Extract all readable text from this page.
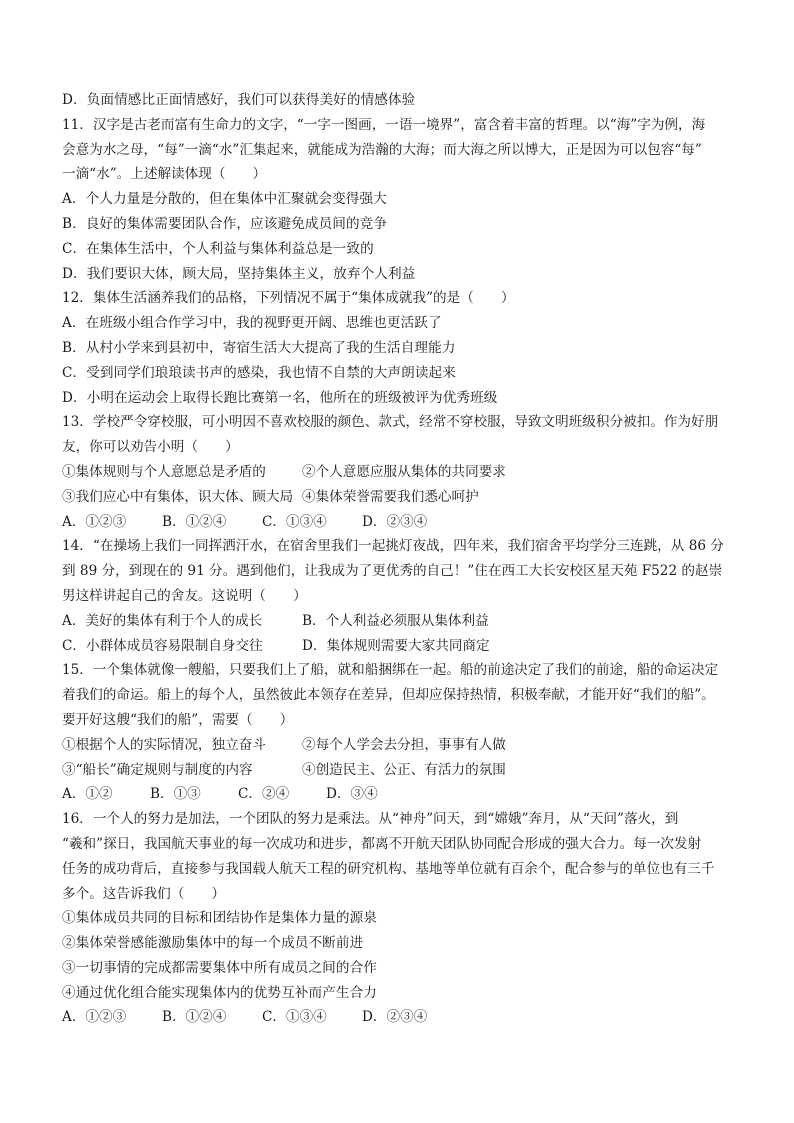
D．负面情感比正面情感好，我们可以获得美好的情感体验
11．汉字是古老而富有生命力的文字，“一字一图画，一语一境界”，富含着丰富的哲理。以“海”字为例，海
会意为水之母，“每”一滴“水”汇集起来，就能成为浩瀚的大海；而大海之所以博大，正是因为可以包容“每”
一滴“水”。上述解读体现（　　）
A．个人力量是分散的，但在集体中汇聚就会变得强大
B．良好的集体需要团队合作，应该避免成员间的竞争
C．在集体生活中，个人利益与集体利益总是一致的
D．我们要识大体，顾大局，坚持集体主义，放弃个人利益
12．集体生活涵养我们的品格，下列情况不属于“集体成就我”的是（　　）
A．在班级小组合作学习中，我的视野更开阔、思维也更活跃了
B．从村小学来到县初中，寄宿生活大大提高了我的生活自理能力
C．受到同学们琅琅读书声的感染，我也情不自禁的大声朗读起来
D．小明在运动会上取得长跑比赛第一名，他所在的班级被评为优秀班级
13．学校严令穿校服，可小明因不喜欢校服的颜色、款式，经常不穿校服，导致文明班级积分被扣。作为好朋
友，你可以劝告小明（　　）
①集体规则与个人意愿总是矛盾的	②个人意愿应服从集体的共同要求
③我们应心中有集体，识大体、顾大局 ④集体荣誉需要我们悉心呵护
A．①②③	B．①②④	C．①③④	D．②③④
14．“在操场上我们一同挥洒汗水，在宿舍里我们一起挑灯夜战，四年来，我们宿舍平均学分三连跳，从 86 分
到 89 分，到现在的 91 分。遇到他们，让我成为了更优秀的自己！”住在西工大长安校区星天苑 F522 的赵崇
男这样讲起自己的舍友。这说明（　　）
A．美好的集体有利于个人的成长	B．个人利益必须服从集体利益
C．小群体成员容易限制自身交往	D．集体规则需要大家共同商定
15．一个集体就像一艘船，只要我们上了船，就和船捆绑在一起。船的前途决定了我们的前途，船的命运决定
着我们的命运。船上的每个人，虽然彼此本领存在差异，但却应保持热情，积极奉献，才能开好“我们的船”。
要开好这艘“我们的船”，需要（　　）
①根据个人的实际情况，独立奋斗	②每个人学会去分担，事事有人做
③“船长”确定规则与制度的内容	④创造民主、公正、有活力的氛围
A．①②	B．①③	C．②④	D．③④
16．一个人的努力是加法，一个团队的努力是乘法。从“神舟”问天，到“嫦娥”奔月，从“天问”落火，到
“羲和”探日，我国航天事业的每一次成功和进步，都离不开航天团队协同配合形成的强大合力。每一次发射
任务的成功背后，直接参与我国载人航天工程的研究机构、基地等单位就有百余个，配合参与的单位也有三千
多个。这告诉我们（　　）
①集体成员共同的目标和团结协作是集体力量的源泉
②集体荣誉感能激励集体中的每一个成员不断前进
③一切事情的完成都需要集体中所有成员之间的合作
④通过优化组合能实现集体内的优势互补而产生合力
A．①②③	B．①②④	C．①③④	D．②③④
